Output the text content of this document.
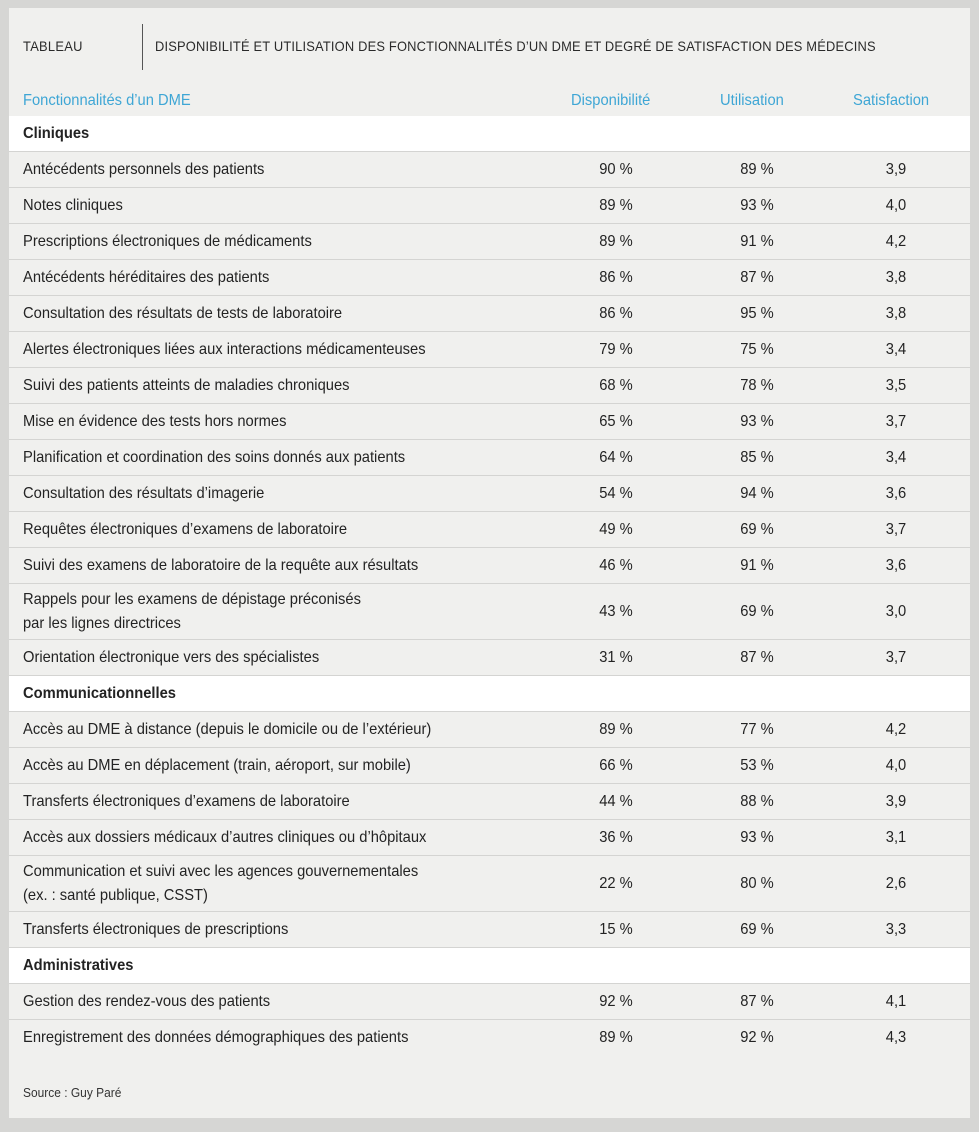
TABLEAU	DISPONIBILITÉ ET UTILISATION DES FONCTIONNALITÉS D’UN DME ET DEGRÉ DE SATISFACTION DES MÉDECINS
Fonctionnalités d’un DME	Disponibilité	Utilisation	Satisfaction
Cliniques
Antécédents personnels des patients	90 %	89 %	3,9
Notes cliniques	89 %	93 %	4,0
Prescriptions électroniques de médicaments	89 %	91 %	4,2
Antécédents héréditaires des patients	86 %	87 %	3,8
Consultation des résultats de tests de laboratoire	86 %	95 %	3,8
Alertes électroniques liées aux interactions médicamenteuses	79 %	75 %	3,4
Suivi des patients atteints de maladies chroniques	68 %	78 %	3,5
Mise en évidence des tests hors normes	65 %	93 %	3,7
Planification et coordination des soins donnés aux patients	64 %	85 %	3,4
Consultation des résultats d’imagerie	54 %	94 %	3,6
Requêtes électroniques d’examens de laboratoire	49 %	69 %	3,7
Suivi des examens de laboratoire de la requête aux résultats	46 %	91 %	3,6
Rappels pour les examens de dépistage préconisés
par les lignes directrices
43 %	69 %	3,0
Orientation électronique vers des spécialistes	31 %	87 %	3,7
Communicationnelles
Accès au DME à distance (depuis le domicile ou de l’extérieur)	89 %	77 %	4,2
Accès au DME en déplacement (train, aéroport, sur mobile)	66 %	53 %	4,0
Transferts électroniques d’examens de laboratoire	44 %	88 %	3,9
Accès aux dossiers médicaux d’autres cliniques ou d’hôpitaux	36 %	93 %	3,1
Communication et suivi avec les agences gouvernementales
(ex. : santé publique, CSST)
22 %	80 %	2,6
Transferts électroniques de prescriptions	15 %	69 %	3,3
Administratives
Gestion des rendez-vous des patients	92 %	87 %	4,1
Enregistrement des données démographiques des patients	89 %	92 %	4,3
Source : Guy Paré
